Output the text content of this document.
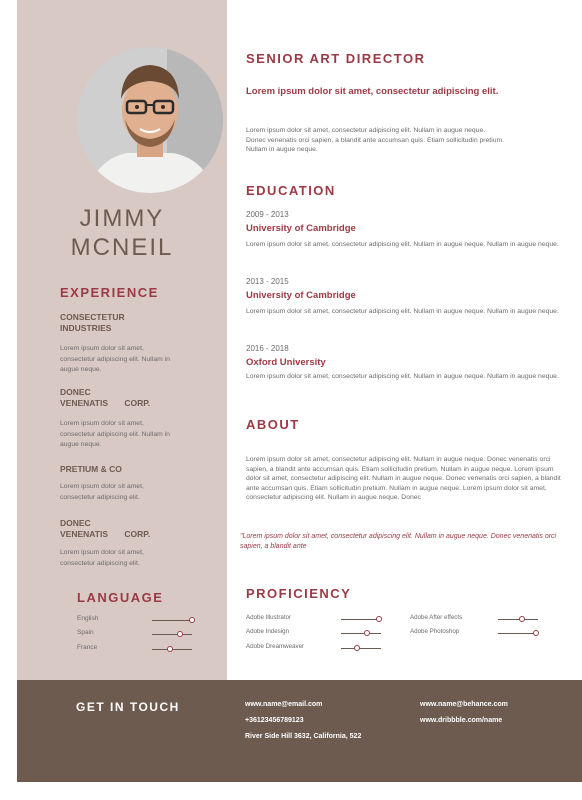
JIMMY
MCNEIL
EXPERIENCE
CONSECTETUR INDUSTRIES
Lorem ipsum dolor sit amet, consectetur adipiscing elit. Nullam in augue neque.
DONEC VENENATIS CORP.
Lorem ipsum dolor sit amet, consectetur adipiscing elit. Nullam in augue neque.
PRETIUM & CO
Lorem ipsum dolor sit amet, consectetur adipiscing elit.
DONEC VENENATIS CORP.
Lorem ipsum dolor sit amet, consectetur adipiscing elit.
LANGUAGE
English
Spain
France
SENIOR ART DIRECTOR
Lorem ipsum dolor sit amet, consectetur adipiscing elit.
Lorem ipsum dolor sit amet, consectetur adipiscing elit. Nullam in augue neque. Donec venenatis orci sapien, a blandit ante accumsan quis. Etiam sollicitudin pretium. Nullam in augue neque.
EDUCATION
2009 - 2013
University of Cambridge
Lorem ipsum dolor sit amet, consectetur adipiscing elit. Nullam in augue neque. Nullam in augue neque.
2013 - 2015
University of Cambridge
Lorem ipsum dolor sit amet, consectetur adipiscing elit. Nullam in augue neque. Nullam in augue neque.
2016 - 2018
Oxford University
Lorem ipsum dolor sit amet, consectetur adipiscing elit. Nullam in augue neque. Nullam in augue neque.
ABOUT
Lorem ipsum dolor sit amet, consectetur adipiscing elit. Nullam in augue neque. Donec venenatis orci sapien, a blandit ante accumsan quis. Etiam sollicitudin pretium. Nullam in augue neque. Lorem ipsum dolor sit amet, consectetur adipiscing elit. Nullam in augue neque. Donec venenatis orci sapien, a blandit ante accumsan quis. Etiam sollicitudin pretium. Nullam in augue neque. Lorem ipsum dolor sit amet, consectetur adipiscing elit. Nullam in augue neque. Donec
"Lorem ipsum dolor sit amet, consectetur adipiscing elit. Nullam in augue neque. Donec venenatis orci sapien, a blandit ante
PROFICIENCY
Adobe Illustrator
Adobe Indesign
Adobe Dreamweaver
Adobe After effects
Adobe Photoshop
GET IN TOUCH	www.name@email.com
+36123456789123
River Side Hill 3632, California, 522
www.name@behance.com
www.dribbble.com/name
